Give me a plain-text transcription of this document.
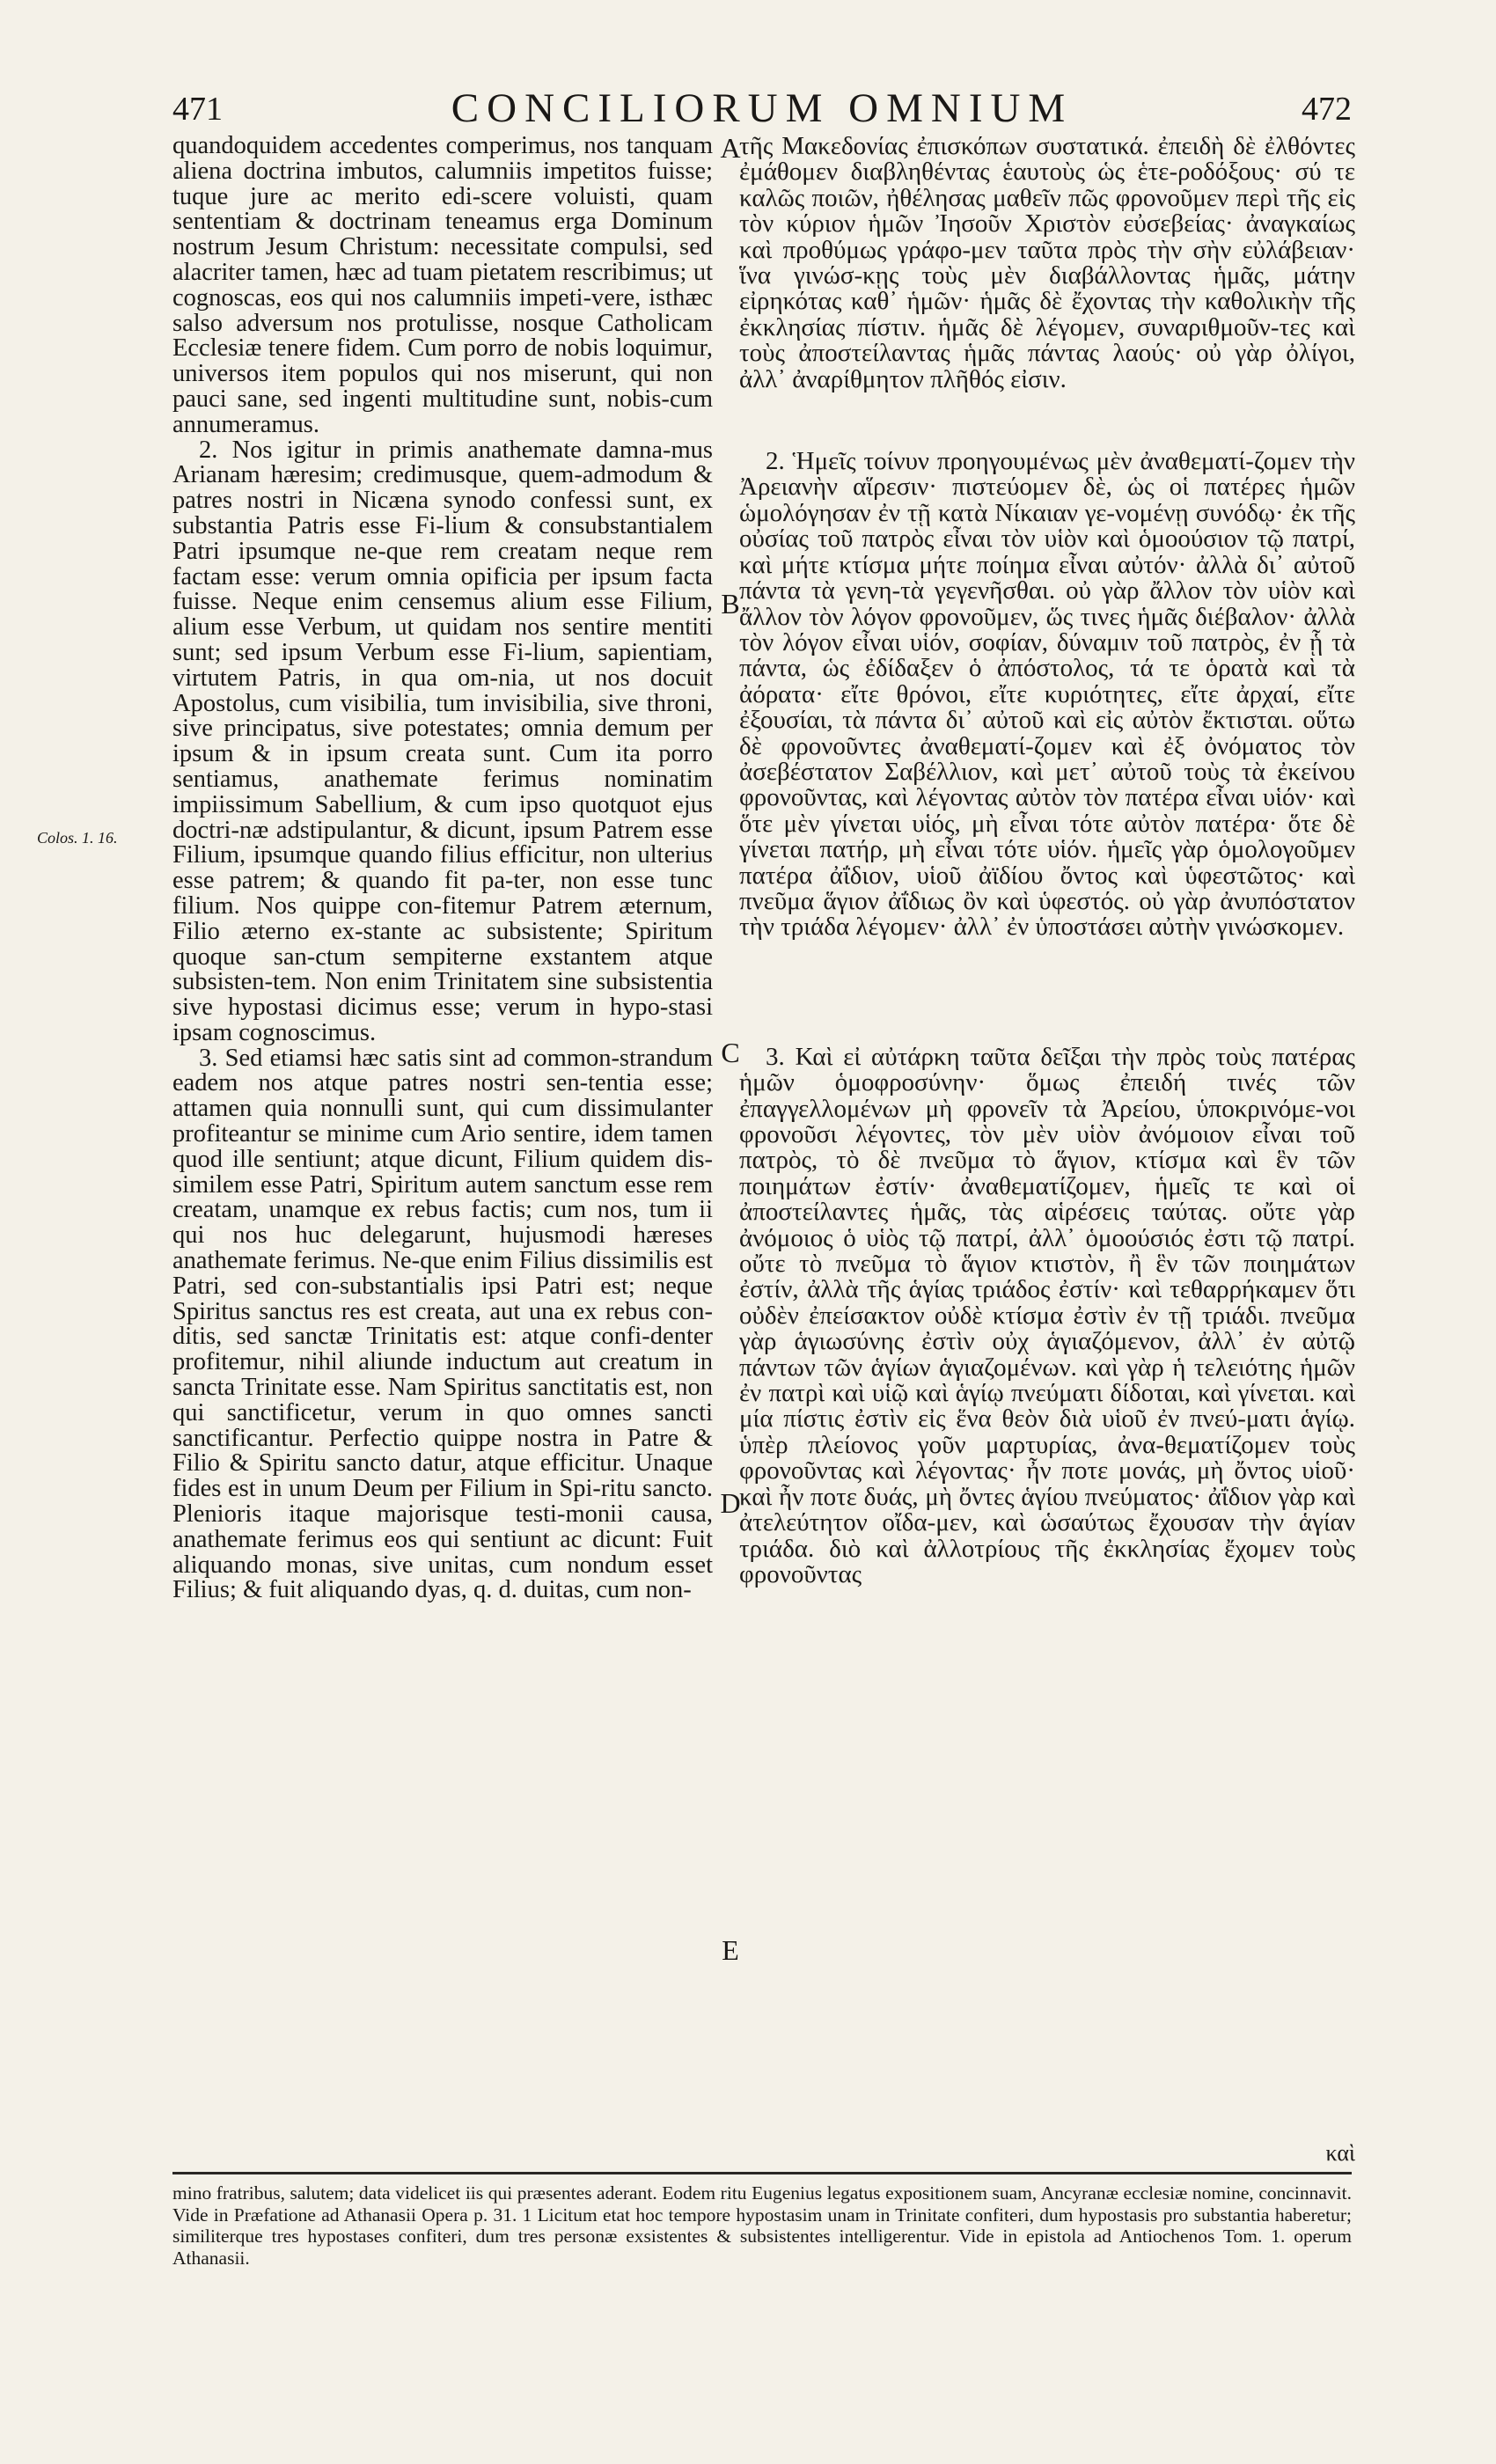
471	CONCILIORUM OMNIUM	472
Colos. 1. 16.

quandoquidem accedentes comperimus, nos tanquam aliena doctrina imbutos, calumniis impetitos fuisse; tuque jure ac merito edi-scere voluisti, quam sententiam & doctrinam teneamus erga Dominum nostrum Jesum Christum: necessitate compulsi, sed alacriter tamen, hæc ad tuam pietatem rescribimus; ut cognoscas, eos qui nos calumniis impeti-vere, isthæc salso adversum nos protulisse, nosque Catholicam Ecclesiæ tenere fidem. Cum porro de nobis loquimur, universos item populos qui nos miserunt, qui non pauci sane, sed ingenti multitudine sunt, nobis-cum annumeramus.

2. Nos igitur in primis anathemate damna-mus Arianam hæresim; credimusque, quem-admodum & patres nostri in Nicæna synodo confessi sunt, ex substantia Patris esse Fi-lium & consubstantialem Patri ipsumque ne-que rem creatam neque rem factam esse: verum omnia opificia per ipsum facta fuisse. Neque enim censemus alium esse Filium, alium esse Verbum, ut quidam nos sentire mentiti sunt; sed ipsum Verbum esse Fi-lium, sapientiam, virtutem Patris, in qua om-nia, ut nos docuit Apostolus, cum visibilia, tum invisibilia, sive throni, sive principatus, sive potestates; omnia demum per ipsum & in ipsum creata sunt. Cum ita porro sentiamus, anathemate ferimus nominatim impiissimum Sabellium, & cum ipso quotquot ejus doctri-næ adstipulantur, & dicunt, ipsum Patrem esse Filium, ipsumque quando filius efficitur, non ulterius esse patrem; & quando fit pa-ter, non esse tunc filium. Nos quippe con-fitemur Patrem æternum, Filio æterno ex-stante ac subsistente; Spiritum quoque san-ctum sempiterne exstantem atque subsisten-tem. Non enim Trinitatem sine subsistentia sive hypostasi dicimus esse; verum in hypo-stasi ipsam cognoscimus.

3. Sed etiamsi hæc satis sint ad common-strandum eadem nos atque patres nostri sen-tentia esse; attamen quia nonnulli sunt, qui cum dissimulanter profiteantur se minime cum Ario sentire, idem tamen quod ille sentiunt; atque dicunt, Filium quidem dis-similem esse Patri, Spiritum autem sanctum esse rem creatam, unamque ex rebus factis; cum nos, tum ii qui nos huc delegarunt, hujusmodi hæreses anathemate ferimus. Ne-que enim Filius dissimilis est Patri, sed con-substantialis ipsi Patri est; neque Spiritus sanctus res est creata, aut una ex rebus con-ditis, sed sanctæ Trinitatis est: atque confi-denter profitemur, nihil aliunde inductum aut creatum in sancta Trinitate esse. Nam Spiritus sanctitatis est, non qui sanctificetur, verum in quo omnes sancti sanctificantur. Perfectio quippe nostra in Patre & Filio & Spiritu sancto datur, atque efficitur. Unaque fides est in unum Deum per Filium in Spi-ritu sancto. Plenioris itaque majorisque testi-monii causa, anathemate ferimus eos qui sentiunt ac dicunt: Fuit aliquando monas, sive unitas, cum nondum esset Filius; & fuit aliquando dyas, q. d. duitas, cum non-

A
B
C
D
E

τῆς Μακεδονίας ἐπισκόπων συστατικά. ἐπειδὴ δὲ ἐλθόντες ἐμάθομεν διαβληθέντας ἑαυτοὺς ὡς ἑτε-ροδόξους· σύ τε καλῶς ποιῶν, ἠθέλησας μαθεῖν πῶς φρονοῦμεν περὶ τῆς εἰς τὸν κύριον ἡμῶν Ἰησοῦν Χριστὸν εὐσεβείας· ἀναγκαίως καὶ προθύμως γράφο-μεν ταῦτα πρὸς τὴν σὴν εὐλάβειαν· ἵνα γινώσ-κῃς τοὺς μὲν διαβάλλοντας ἡμᾶς, μάτην εἰρηκότας καθ᾽ ἡμῶν· ἡμᾶς δὲ ἔχοντας τὴν καθολικὴν τῆς ἐκκλησίας πίστιν. ἡμᾶς δὲ λέγομεν, συναριθμοῦν-τες καὶ τοὺς ἀποστείλαντας ἡμᾶς πάντας λαούς· οὐ γὰρ ὀλίγοι, ἀλλ᾽ ἀναρίθμητον πλῆθός εἰσιν.

2. Ἡμεῖς τοίνυν προηγουμένως μὲν ἀναθεματί-ζομεν τὴν Ἀρειανὴν αἵρεσιν· πιστεύομεν δὲ, ὡς οἱ πατέρες ἡμῶν ὡμολόγησαν ἐν τῇ κατὰ Νίκαιαν γε-νομένῃ συνόδῳ· ἐκ τῆς οὐσίας τοῦ πατρὸς εἶναι τὸν υἱὸν καὶ ὁμοούσιον τῷ πατρί, καὶ μήτε κτίσμα μήτε ποίημα εἶναι αὐτόν· ἀλλὰ δι᾽ αὐτοῦ πάντα τὰ γενη-τὰ γεγενῆσθαι. οὐ γὰρ ἄλλον τὸν υἱὸν καὶ ἄλλον τὸν λόγον φρονοῦμεν, ὥς τινες ἡμᾶς διέβαλον· ἀλλὰ τὸν λόγον εἶναι υἱόν, σοφίαν, δύναμιν τοῦ πατρὸς, ἐν ᾗ τὰ πάντα, ὡς ἐδίδαξεν ὁ ἀπόστολος, τά τε ὁρατὰ καὶ τὰ ἀόρατα· εἴτε θρόνοι, εἴτε κυριότητες, εἴτε ἀρχαί, εἴτε ἐξουσίαι, τὰ πάντα δι᾽ αὐτοῦ καὶ εἰς αὐτὸν ἔκτισται. οὕτω δὲ φρονοῦντες ἀναθεματί-ζομεν καὶ ἐξ ὀνόματος τὸν ἀσεβέστατον Σαβέλλιον, καὶ μετ᾽ αὐτοῦ τοὺς τὰ ἐκείνου φρονοῦντας, καὶ λέγοντας αὐτὸν τὸν πατέρα εἶναι υἱόν· καὶ ὅτε μὲν γίνεται υἱός, μὴ εἶναι τότε αὐτὸν πατέρα· ὅτε δὲ γίνεται πατήρ, μὴ εἶναι τότε υἱόν. ἡμεῖς γὰρ ὁμολογοῦμεν πατέρα ἀΐδιον, υἱοῦ ἀϊδίου ὄντος καὶ ὑφεστῶτος· καὶ πνεῦμα ἅγιον ἀΐδιως ὂν καὶ ὑφεστός. οὐ γὰρ ἀνυπόστατον τὴν τριάδα λέγομεν· ἀλλ᾽ ἐν ὑποστάσει αὐτὴν γινώσκομεν.

3. Καὶ εἰ αὐτάρκη ταῦτα δεῖξαι τὴν πρὸς τοὺς πατέρας ἡμῶν ὁμοφροσύνην· ὅμως ἐπειδή τινές τῶν ἐπαγγελλομένων μὴ φρονεῖν τὰ Ἀρείου, ὑποκρινόμε-νοι φρονοῦσι λέγοντες, τὸν μὲν υἱὸν ἀνόμοιον εἶναι τοῦ πατρὸς, τὸ δὲ πνεῦμα τὸ ἅγιον, κτίσμα καὶ ἓν τῶν ποιημάτων ἐστίν· ἀναθεματίζομεν, ἡμεῖς τε καὶ οἱ ἀποστείλαντες ἡμᾶς, τὰς αἱρέσεις ταύτας. οὔτε γὰρ ἀνόμοιος ὁ υἱὸς τῷ πατρί, ἀλλ᾽ ὁμοούσιός ἐστι τῷ πατρί. οὔτε τὸ πνεῦμα τὸ ἅγιον κτιστὸν, ἢ ἓν τῶν ποιημάτων ἐστίν, ἀλλὰ τῆς ἁγίας τριάδος ἐστίν· καὶ τεθαρρήκαμεν ὅτι οὐδὲν ἐπείσακτον οὐδὲ κτίσμα ἐστὶν ἐν τῇ τριάδι. πνεῦμα γὰρ ἁγιωσύνης ἐστὶν οὐχ ἁγιαζόμενον, ἀλλ᾽ ἐν αὐτῷ πάντων τῶν ἁγίων ἁγιαζομένων. καὶ γὰρ ἡ τελειότης ἡμῶν ἐν πατρὶ καὶ υἱῷ καὶ ἁγίῳ πνεύματι δίδοται, καὶ γίνεται. καὶ μία πίστις ἐστὶν εἰς ἕνα θεὸν διὰ υἱοῦ ἐν πνεύ-ματι ἁγίῳ. ὑπὲρ πλείονος γοῦν μαρτυρίας, ἀνα-θεματίζομεν τοὺς φρονοῦντας καὶ λέγοντας· ἦν ποτε μονάς, μὴ ὄντος υἱοῦ· καὶ ἦν ποτε δυάς, μὴ ὄντες ἁγίου πνεύματος· ἀΐδιον γὰρ καὶ ἀτελεύτητον οἴδα-μεν, καὶ ὡσαύτως ἔχουσαν τὴν ἁγίαν τριάδα. διὸ καὶ ἀλλοτρίους τῆς ἐκκλησίας ἔχομεν τοὺς φρονοῦντας

καὶ
mino fratribus, salutem; data videlicet iis qui præsentes aderant. Eodem ritu Eugenius legatus expositionem suam, Ancyranæ ecclesiæ nomine, concinnavit. Vide in Præfatione ad Athanasii Opera p. 31. 1 Licitum etat hoc tempore hypostasim unam in Trinitate confiteri, dum hypostasis pro substantia haberetur; similiterque tres hypostases confiteri, dum tres personæ exsistentes & subsistentes intelligerentur. Vide in epistola ad Antiochenos Tom. 1. operum Athanasii.
